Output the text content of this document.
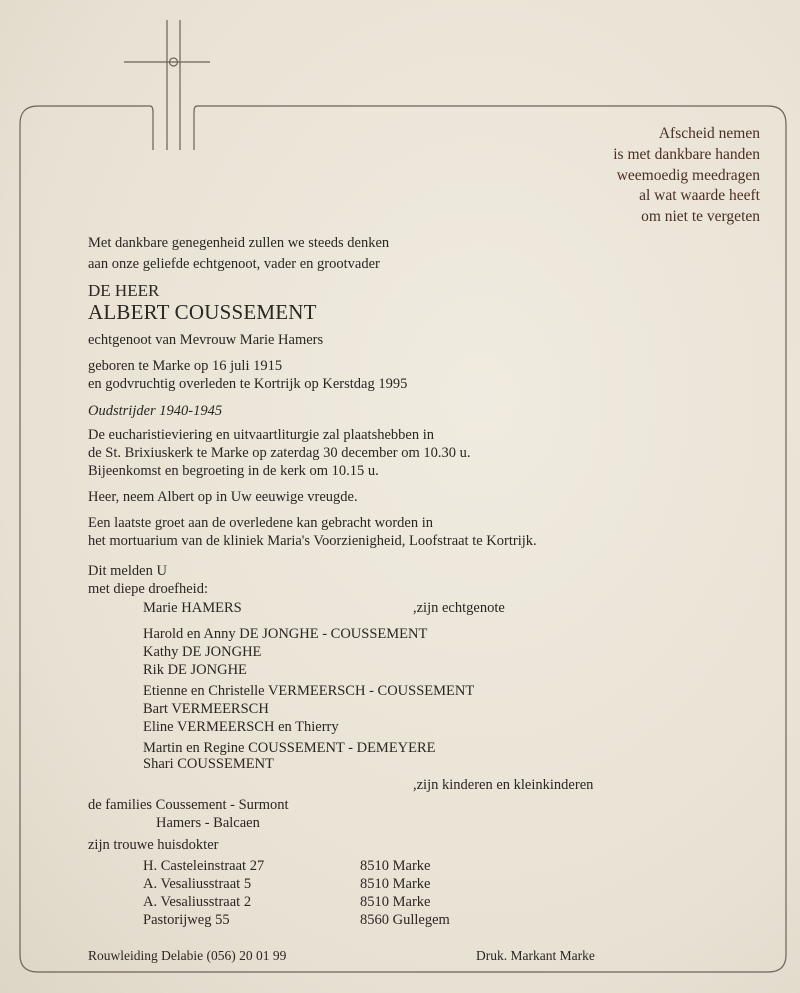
Afscheid nemen
is met dankbare handen
weemoedig meedragen
al wat waarde heeft
om niet te vergeten
Met dankbare genegenheid zullen we steeds denken
aan onze geliefde echtgenoot, vader en grootvader
DE HEER
ALBERT COUSSEMENT
echtgenoot van Mevrouw Marie Hamers
geboren te Marke op 16 juli 1915
en godvruchtig overleden te Kortrijk op Kerstdag 1995
Oudstrijder 1940-1945
De eucharistieviering en uitvaartliturgie zal plaatshebben in
de St. Brixiuskerk te Marke op zaterdag 30 december om 10.30 u.
Bijeenkomst en begroeting in de kerk om 10.15 u.
Heer, neem Albert op in Uw eeuwige vreugde.
Een laatste groet aan de overledene kan gebracht worden in
het mortuarium van de kliniek Maria's Voorzienigheid, Loofstraat te Kortrijk.
Dit melden U
met diepe droefheid:
Marie HAMERS	,zijn echtgenote
Harold en Anny DE JONGHE - COUSSEMENT
Kathy DE JONGHE
Rik DE JONGHE
Etienne en Christelle VERMEERSCH - COUSSEMENT
Bart VERMEERSCH
Eline VERMEERSCH en Thierry
Martin en Regine COUSSEMENT - DEMEYERE
Shari COUSSEMENT
,zijn kinderen en kleinkinderen
de families Coussement - Surmont
Hamers - Balcaen
zijn trouwe huisdokter
H. Casteleinstraat 27	8510 Marke
A. Vesaliusstraat 5	8510 Marke
A. Vesaliusstraat 2	8510 Marke
Pastorijweg 55	8560 Gullegem
Rouwleiding Delabie (056) 20 01 99	Druk. Markant Marke
